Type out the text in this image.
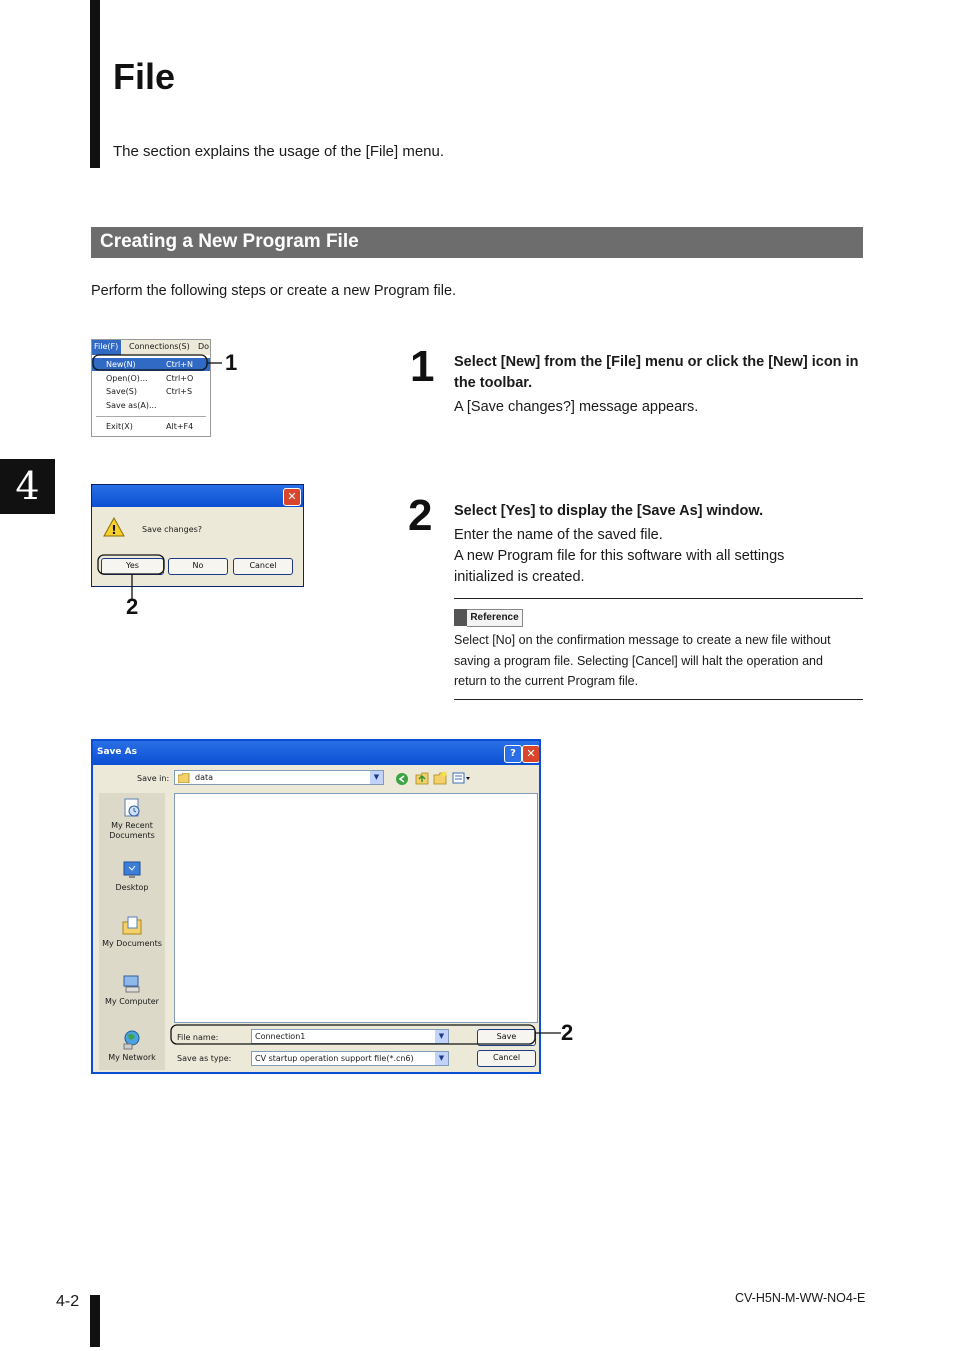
File
The section explains the usage of the [File] menu.
Creating a New Program File
Perform the following steps or create a new Program file.
4
File(F)	Connections(S) Do
New(N)	Ctrl+N
Open(O)... Ctrl+O
Save(S)	Ctrl+S
Save as(A)...
Exit(X)	Alt+F4
1	1 Select [New] from the [File] menu or click the [New] icon in the toolbar.
A [Save changes?] message appears.
✕
!	Save changes?
Yes	No	Cancel
2
2 Select [Yes] to display the [Save As] window.
Enter the name of the saved file.
A new Program file for this software with all settings initialized is created.
Reference
Select [No] on the confirmation message to create a new file without saving a program file. Selecting [Cancel] will halt the operation and return to the current Program file.
Save As	? ✕
Save in:	data	▼
My Recent Documents
Desktop
My Documents
My Computer
My Network
File name:	Connection1	▼	Save
Save as type:	CV startup operation support file(*.cn6)	▼	Cancel
2
4-2	CV-H5N-M-WW-NO4-E
